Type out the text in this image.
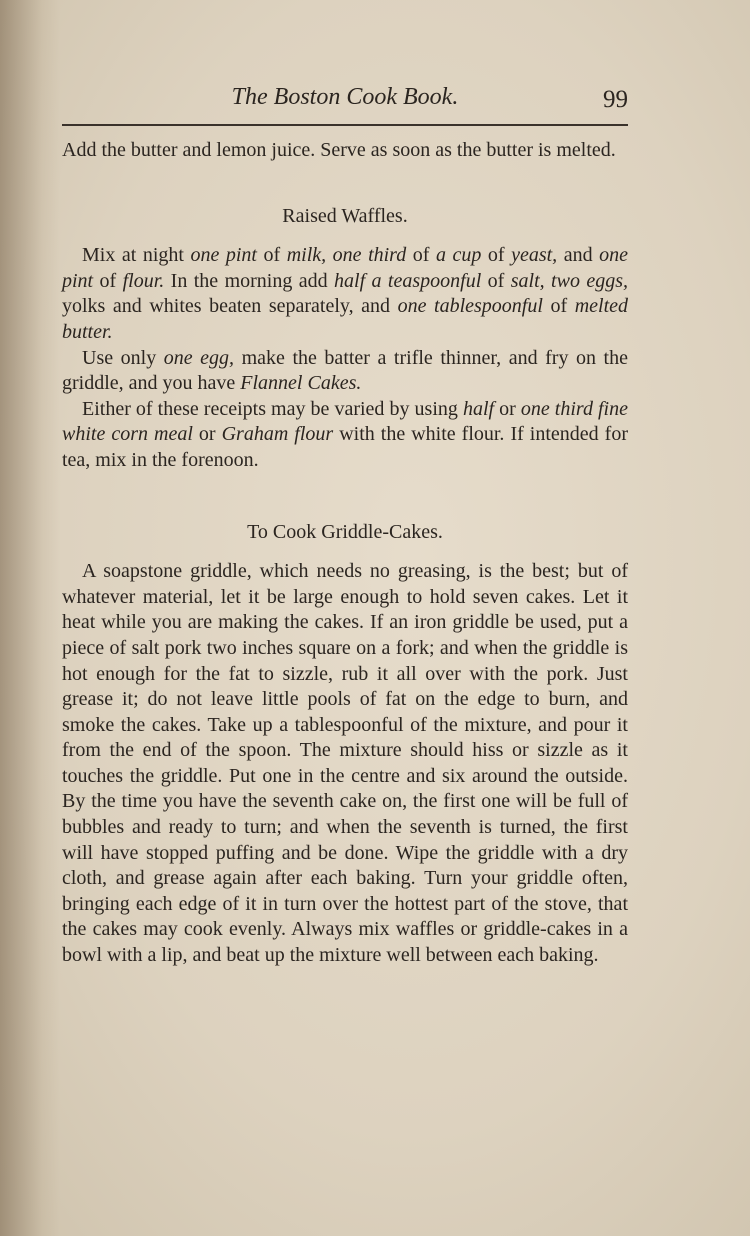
The Boston Cook Book.	99

Add the butter and lemon juice. Serve as soon as the butter is melted.

Raised Waffles.

Mix at night one pint of milk, one third of a cup of yeast, and one pint of flour. In the morning add half a teaspoonful of salt, two eggs, yolks and whites beaten separately, and one tablespoonful of melted butter.

Use only one egg, make the batter a trifle thinner, and fry on the griddle, and you have Flannel Cakes.

Either of these receipts may be varied by using half or one third fine white corn meal or Graham flour with the white flour. If intended for tea, mix in the forenoon.

To Cook Griddle-Cakes.

A soapstone griddle, which needs no greasing, is the best; but of whatever material, let it be large enough to hold seven cakes. Let it heat while you are making the cakes. If an iron griddle be used, put a piece of salt pork two inches square on a fork; and when the griddle is hot enough for the fat to sizzle, rub it all over with the pork. Just grease it; do not leave little pools of fat on the edge to burn, and smoke the cakes. Take up a tablespoonful of the mixture, and pour it from the end of the spoon. The mixture should hiss or sizzle as it touches the griddle. Put one in the centre and six around the outside. By the time you have the seventh cake on, the first one will be full of bubbles and ready to turn; and when the seventh is turned, the first will have stopped puffing and be done. Wipe the griddle with a dry cloth, and grease again after each baking. Turn your griddle often, bringing each edge of it in turn over the hottest part of the stove, that the cakes may cook evenly. Always mix waffles or griddle-cakes in a bowl with a lip, and beat up the mixture well between each baking.
